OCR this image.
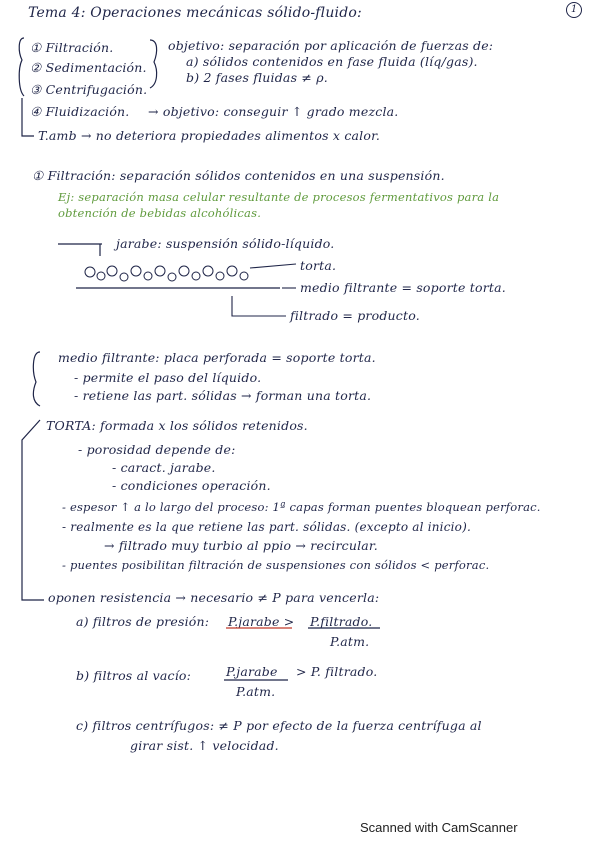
1
Tema 4: Operaciones mecánicas sólido-fluido:
① Filtración.
② Sedimentación.
③ Centrifugación.
④ Fluidización.
objetivo: separación por aplicación de fuerzas de:
a) sólidos contenidos en fase fluida (líq/gas).
b) 2 fases fluidas ≠ ρ.
→ objetivo: conseguir ↑ grado mezcla.
T.amb → no deteriora propiedades alimentos x calor.
① Filtración: separación sólidos contenidos en una suspensión.
Ej: separación masa celular resultante de procesos fermentativos para la
obtención de bebidas alcohólicas.
jarabe: suspensión sólido-líquido.
torta.
medio filtrante = soporte torta.
filtrado = producto.
medio filtrante: placa perforada = soporte torta.
- permite el paso del líquido.
- retiene las part. sólidas → forman una torta.
TORTA: formada x los sólidos retenidos.
- porosidad depende de:
- caract. jarabe.
- condiciones operación.
- espesor ↑ a lo largo del proceso: 1ª capas forman puentes bloquean perforac.
- realmente es la que retiene las part. sólidas. (excepto al inicio).
→ filtrado muy turbio al ppio → recircular.
- puentes posibilitan filtración de suspensiones con sólidos < perforac.
oponen resistencia → necesario ≠ P para vencerla:
a) filtros de presión: P.jarabe > P.filtrado.
P.atm.
b) filtros al vacío:	P.jarabe
P.atm.
> P. filtrado.
c) filtros centrífugos: ≠ P por efecto de la fuerza centrífuga al
girar sist. ↑ velocidad.
Scanned with CamScanner
